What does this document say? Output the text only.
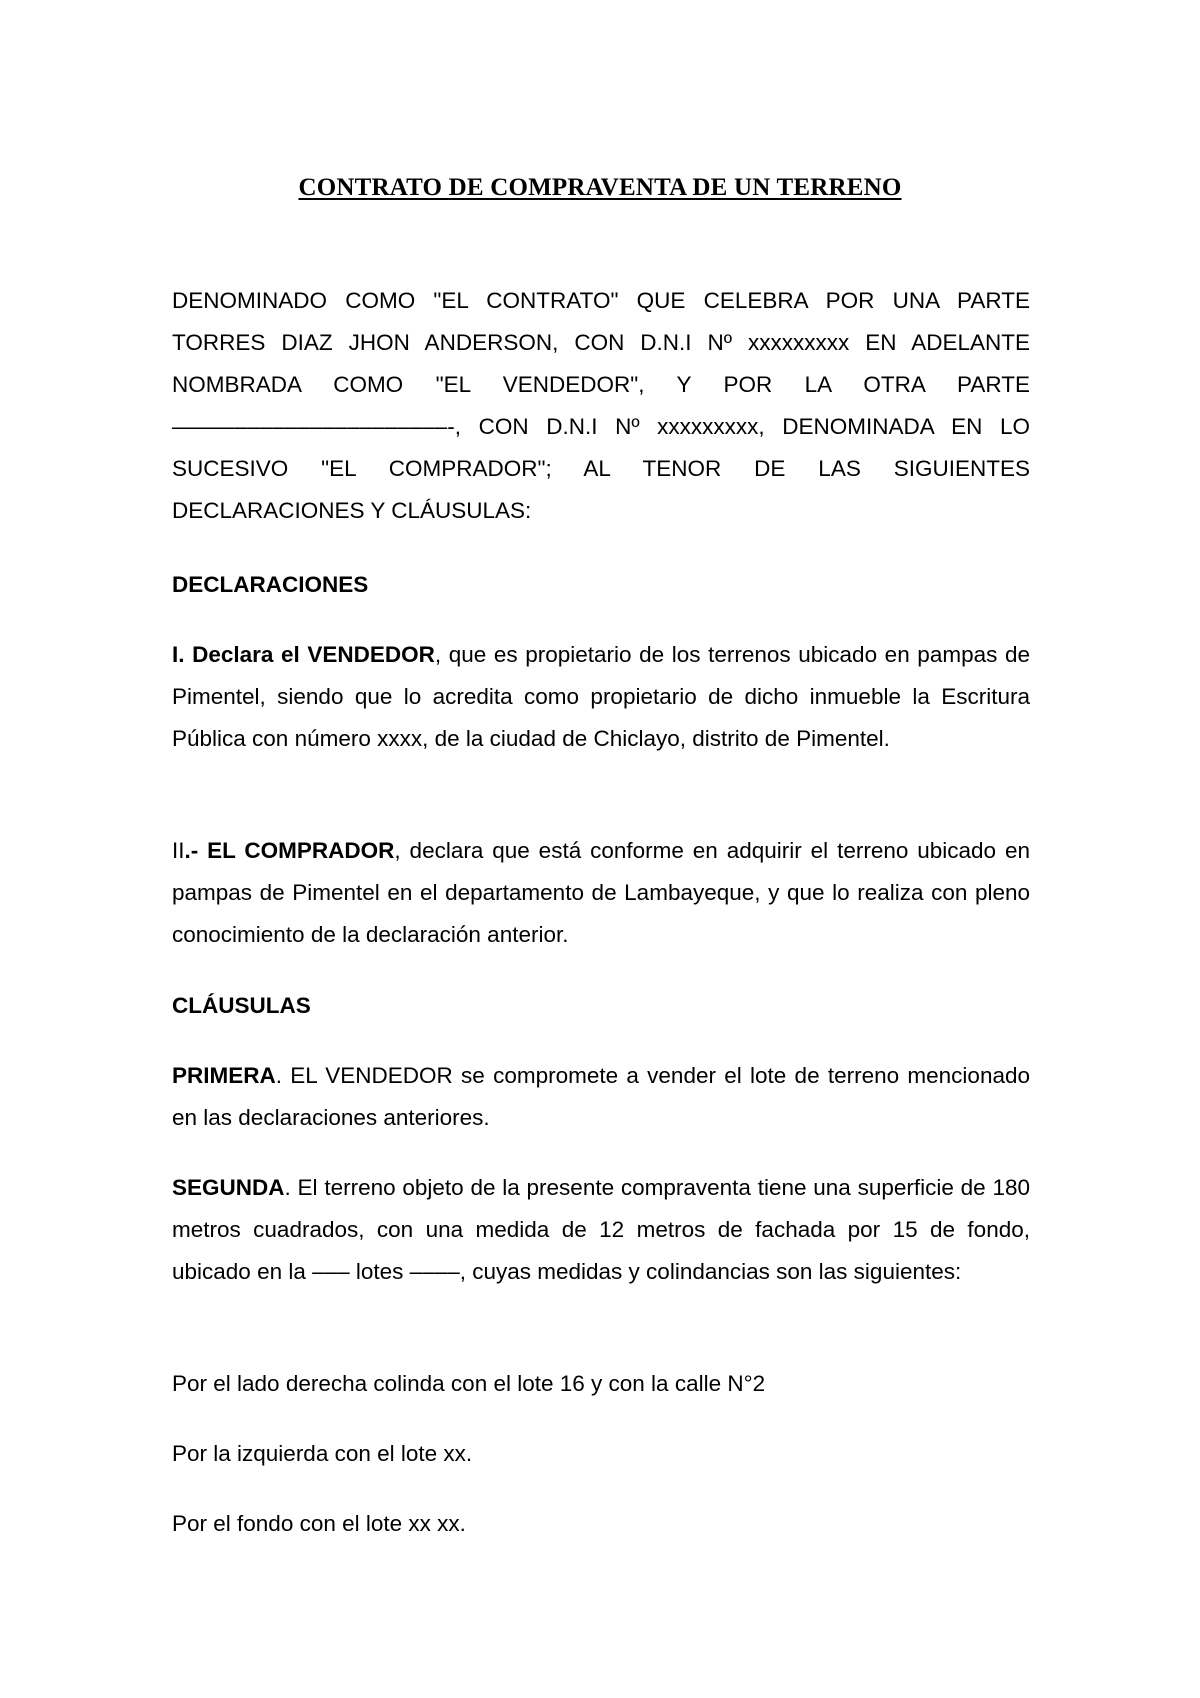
CONTRATO DE COMPRAVENTA DE UN TERRENO

DENOMINADO COMO "EL CONTRATO" QUE CELEBRA POR UNA PARTE TORRES DIAZ JHON ANDERSON, CON D.N.I Nº xxxxxxxxx EN ADELANTE NOMBRADA COMO "EL VENDEDOR", Y POR LA OTRA PARTE ––––––––––––––––––––––-, CON D.N.I Nº xxxxxxxxx, DENOMINADA EN LO SUCESIVO "EL COMPRADOR"; AL TENOR DE LAS SIGUIENTES DECLARACIONES Y CLÁUSULAS:

DECLARACIONES

I. Declara el VENDEDOR, que es propietario de los terrenos ubicado en pampas de Pimentel, siendo que lo acredita como propietario de dicho inmueble la Escritura Pública con número xxxx, de la ciudad de Chiclayo, distrito de Pimentel.

II.- EL COMPRADOR, declara que está conforme en adquirir el terreno ubicado en pampas de Pimentel en el departamento de Lambayeque, y que lo realiza con pleno conocimiento de la declaración anterior.

CLÁUSULAS

PRIMERA. EL VENDEDOR se compromete a vender el lote de terreno mencionado en las declaraciones anteriores.

SEGUNDA. El terreno objeto de la presente compraventa tiene una superficie de 180 metros cuadrados, con una medida de 12 metros de fachada por 15 de fondo, ubicado en la ––– lotes ––––, cuyas medidas y colindancias son las siguientes:

Por el lado derecha colinda con el lote 16 y con la calle N°2

Por la izquierda con el lote xx.

Por el fondo con el lote xx xx.
